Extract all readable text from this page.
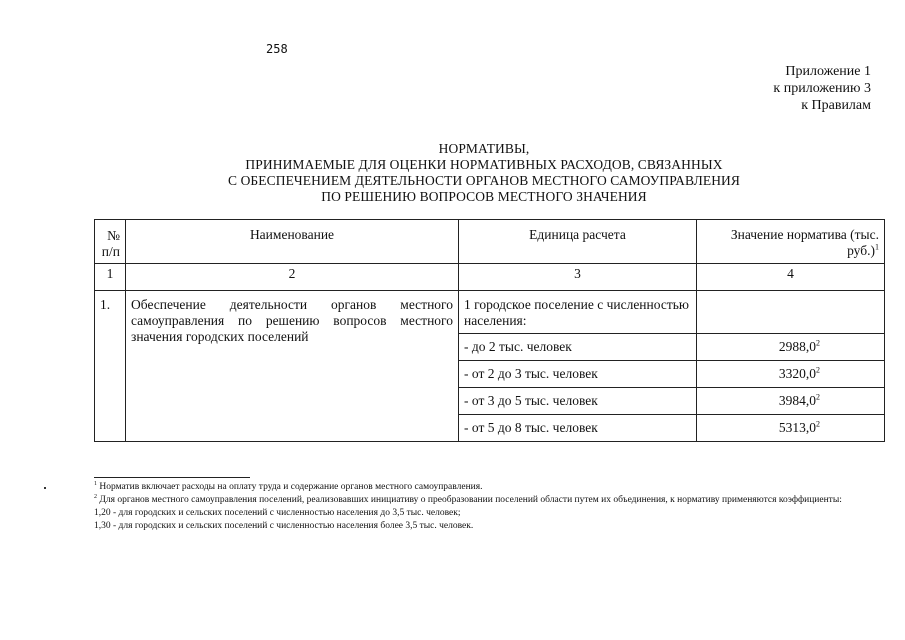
258
Приложение 1
к приложению 3
к Правилам
НОРМАТИВЫ,
ПРИНИМАЕМЫЕ ДЛЯ ОЦЕНКИ НОРМАТИВНЫХ РАСХОДОВ, СВЯЗАННЫХ
С ОБЕСПЕЧЕНИЕМ ДЕЯТЕЛЬНОСТИ ОРГАНОВ МЕСТНОГО САМОУПРАВЛЕНИЯ
ПО РЕШЕНИЮ ВОПРОСОВ МЕСТНОГО ЗНАЧЕНИЯ
№
п/п	Наименование	Единица расчета	Значение норматива (тыс.
руб.)$^1$
1	2	3	4
1.	Обеспечение деятельности органов местного самоуправления по решению вопросов местного значения городских поселений	1 городское поселение с численностью населения:	
		- до 2 тыс. человек	2988,0$^2$
		- от 2 до 3 тыс. человек	3320,0$^2$
		- от 3 до 5 тыс. человек	3984,0$^2$
		- от 5 до 8 тыс. человек	5313,0$^2$

$^1$ Норматив включает расходы на оплату труда и содержание органов местного самоуправления.

$^2$ Для органов местного самоуправления поселений, реализовавших инициативу о преобразовании поселений области путем их объединения, к нормативу применяются коэффициенты:

1,20 - для городских и сельских поселений с численностью населения до 3,5 тыс. человек;

1,30 - для городских и сельских поселений с численностью населения более 3,5 тыс. человек.
